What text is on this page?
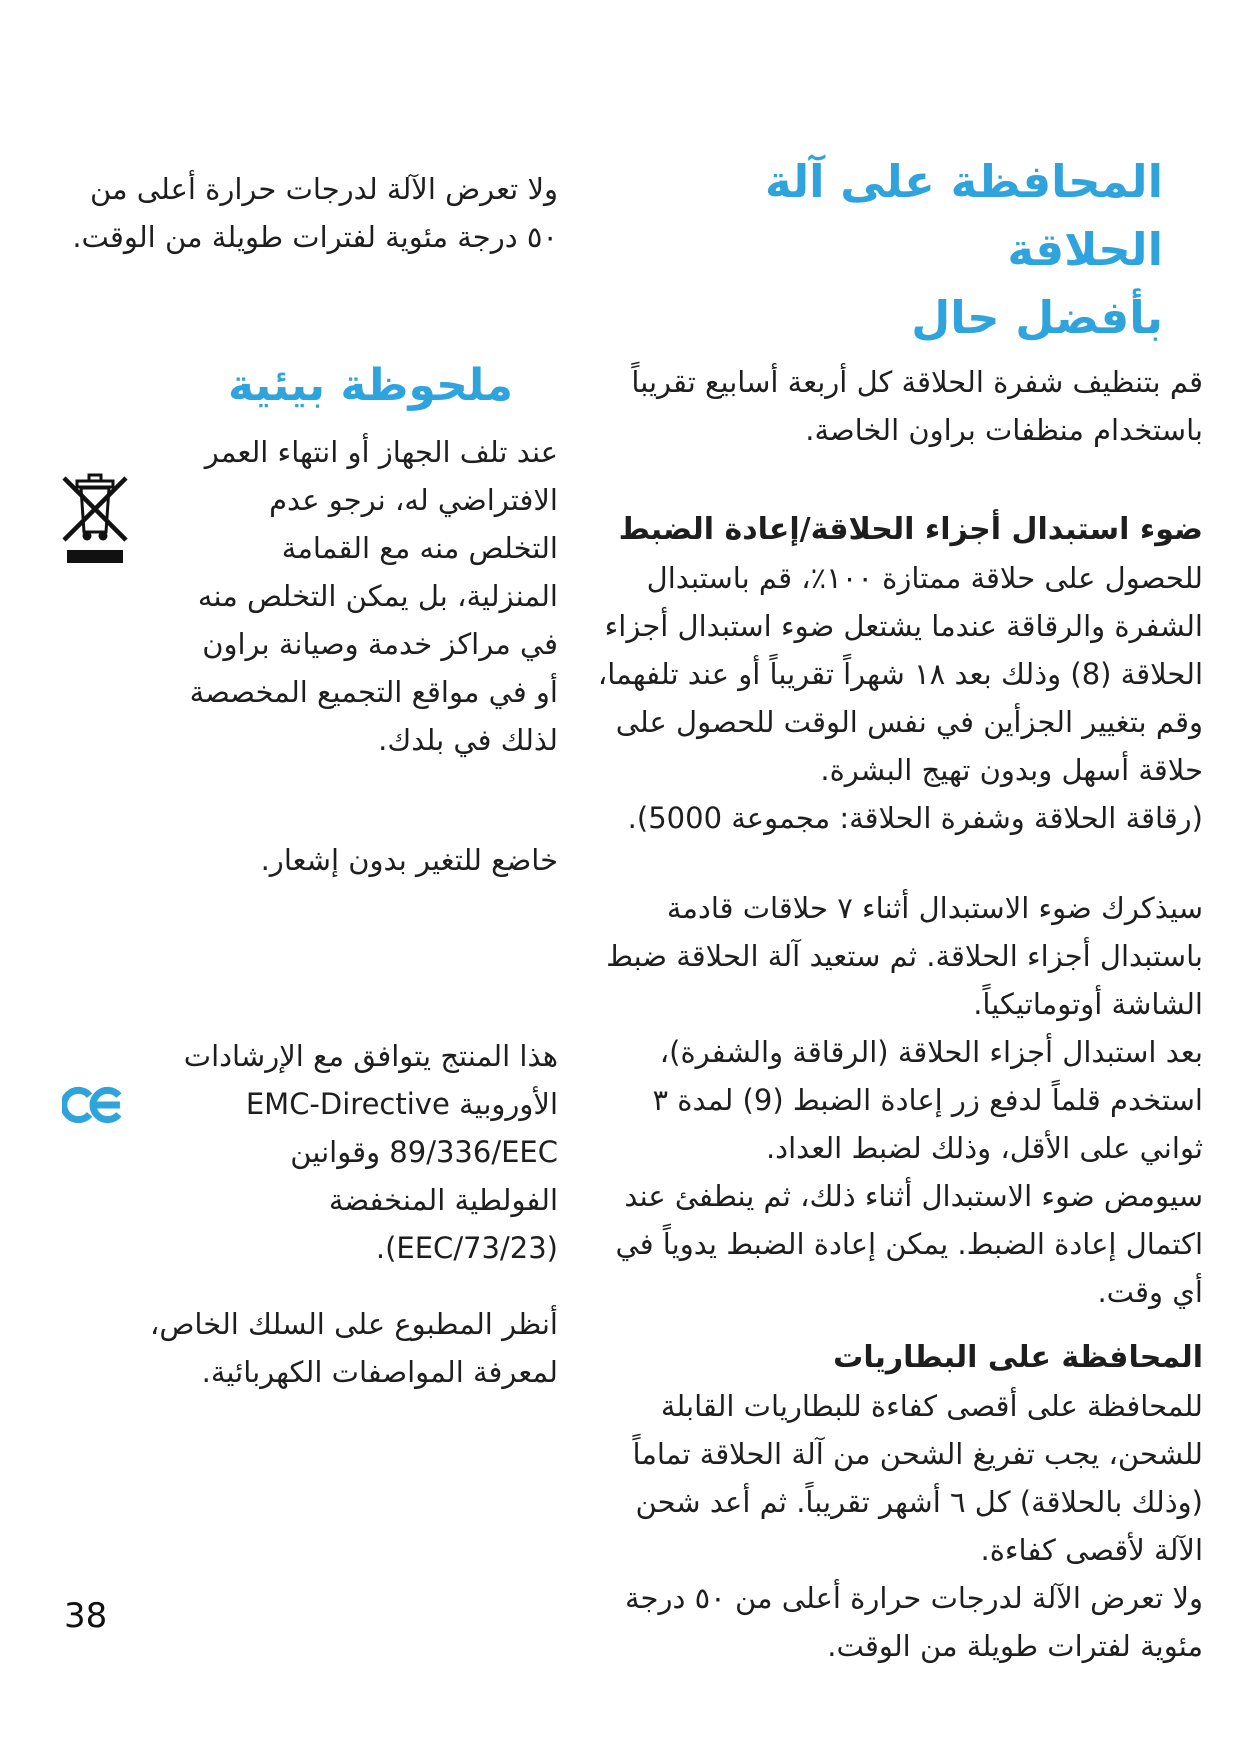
المحافظة على آلة الحلاقة
بأفضل حال

قم بتنظيف شفرة الحلاقة كل أربعة أسابيع تقريباً باستخدام منظفات براون الخاصة.

ضوء استبدال أجزاء الحلاقة/إعادة الضبط

للحصول على حلاقة ممتازة ١٠٠٪، قم باستبدال الشفرة والرقاقة عندما يشتعل ضوء استبدال أجزاء الحلاقة (8) وذلك بعد ١٨ شهراً تقريباً أو عند تلفهما، وقم بتغيير الجزأين في نفس الوقت للحصول على حلاقة أسهل وبدون تهيج البشرة.

(رقاقة الحلاقة وشفرة الحلاقة: مجموعة 5000).

سيذكرك ضوء الاستبدال أثناء ٧ حلاقات قادمة باستبدال أجزاء الحلاقة. ثم ستعيد آلة الحلاقة ضبط الشاشة أوتوماتيكياً.

بعد استبدال أجزاء الحلاقة (الرقاقة والشفرة)، استخدم قلماً لدفع زر إعادة الضبط (9) لمدة ٣ ثواني على الأقل، وذلك لضبط العداد.

سيومض ضوء الاستبدال أثناء ذلك، ثم ينطفئ عند اكتمال إعادة الضبط. يمكن إعادة الضبط يدوياً في أي وقت.

المحافظة على البطاريات

للمحافظة على أقصى كفاءة للبطاريات القابلة للشحن، يجب تفريغ الشحن من آلة الحلاقة تماماً (وذلك بالحلاقة) كل ٦ أشهر تقريباً. ثم أعد شحن الآلة لأقصى كفاءة.

ولا تعرض الآلة لدرجات حرارة أعلى من ٥٠ درجة مئوية لفترات طويلة من الوقت.

ولا تعرض الآلة لدرجات حرارة أعلى من ٥٠ درجة مئوية لفترات طويلة من الوقت.

ملحوظة بيئية

عند تلف الجهاز أو انتهاء العمر الافتراضي له، نرجو عدم التخلص منه مع القمامة المنزلية، بل يمكن التخلص منه في مراكز خدمة وصيانة براون أو في مواقع التجميع المخصصة لذلك في بلدك.

خاضع للتغير بدون إشعار.

هذا المنتج يتوافق مع الإرشادات الأوروبية EMC-Directive 89/336/EEC وقوانين الفولطية المنخفضة (73/23/EEC).

أنظر المطبوع على السلك الخاص، لمعرفة المواصفات الكهربائية.

38
